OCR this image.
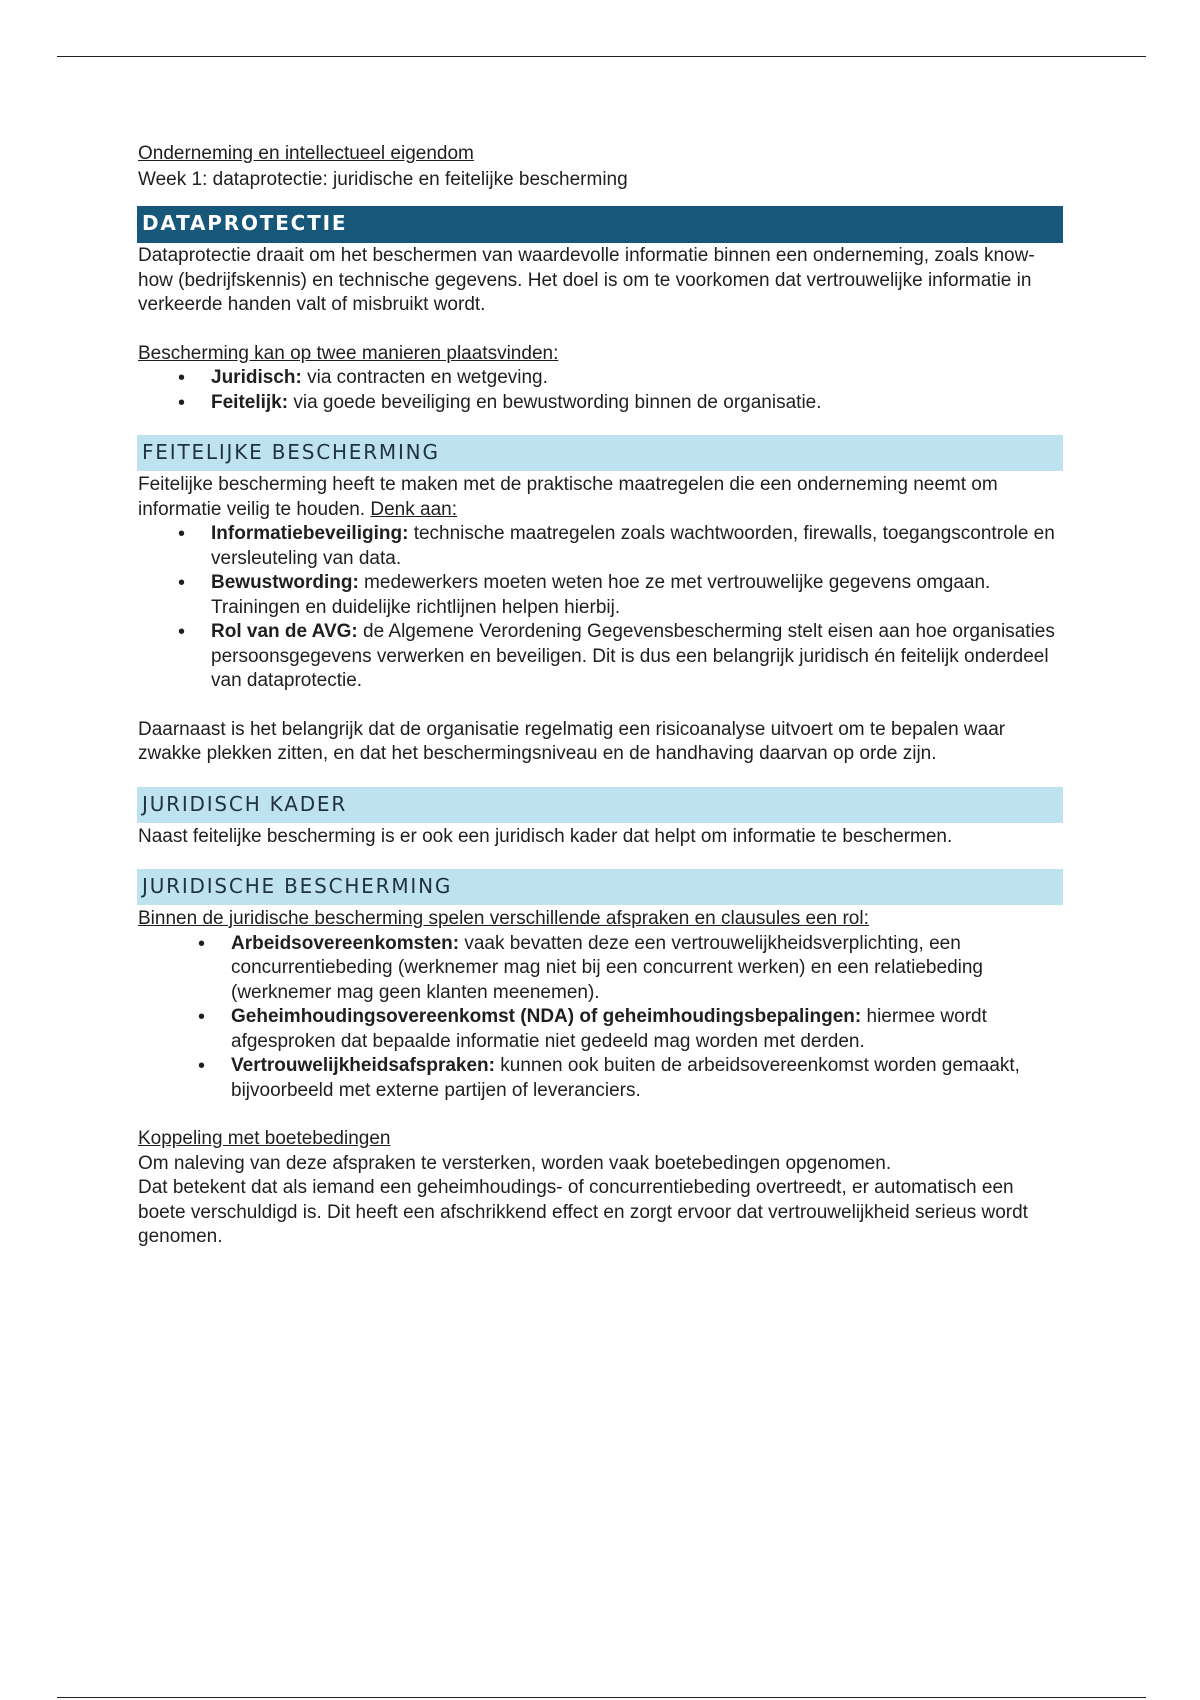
Onderneming en intellectueel eigendom
Week 1: dataprotectie: juridische en feitelijke bescherming
DATAPROTECTIE

Dataprotectie draait om het beschermen van waardevolle informatie binnen een onderneming, zoals know-how (bedrijfskennis) en technische gegevens. Het doel is om te voorkomen dat vertrouwelijke informatie in verkeerde handen valt of misbruikt wordt.

Bescherming kan op twee manieren plaatsvinden:

• Juridisch: via contracten en wetgeving.
• Feitelijk: via goede beveiliging en bewustwording binnen de organisatie.
FEITELIJKE BESCHERMING

Feitelijke bescherming heeft te maken met de praktische maatregelen die een onderneming neemt om informatie veilig te houden. Denk aan:

• Informatiebeveiliging: technische maatregelen zoals wachtwoorden, firewalls, toegangscontrole en versleuteling van data.
• Bewustwording: medewerkers moeten weten hoe ze met vertrouwelijke gegevens omgaan. Trainingen en duidelijke richtlijnen helpen hierbij.
• Rol van de AVG: de Algemene Verordening Gegevensbescherming stelt eisen aan hoe organisaties persoonsgegevens verwerken en beveiligen. Dit is dus een belangrijk juridisch én feitelijk onderdeel van dataprotectie.

Daarnaast is het belangrijk dat de organisatie regelmatig een risicoanalyse uitvoert om te bepalen waar zwakke plekken zitten, en dat het beschermingsniveau en de handhaving daarvan op orde zijn.

JURIDISCH KADER

Naast feitelijke bescherming is er ook een juridisch kader dat helpt om informatie te beschermen.

JURIDISCHE BESCHERMING

Binnen de juridische bescherming spelen verschillende afspraken en clausules een rol:

• Arbeidsovereenkomsten: vaak bevatten deze een vertrouwelijkheidsverplichting, een concurrentiebeding (werknemer mag niet bij een concurrent werken) en een relatiebeding (werknemer mag geen klanten meenemen).
• Geheimhoudingsovereenkomst (NDA) of geheimhoudingsbepalingen: hiermee wordt afgesproken dat bepaalde informatie niet gedeeld mag worden met derden.
• Vertrouwelijkheidsafspraken: kunnen ook buiten de arbeidsovereenkomst worden gemaakt, bijvoorbeeld met externe partijen of leveranciers.

Koppeling met boetebedingen

Om naleving van deze afspraken te versterken, worden vaak boetebedingen opgenomen.

Dat betekent dat als iemand een geheimhoudings- of concurrentiebeding overtreedt, er automatisch een boete verschuldigd is. Dit heeft een afschrikkend effect en zorgt ervoor dat vertrouwelijkheid serieus wordt genomen.
